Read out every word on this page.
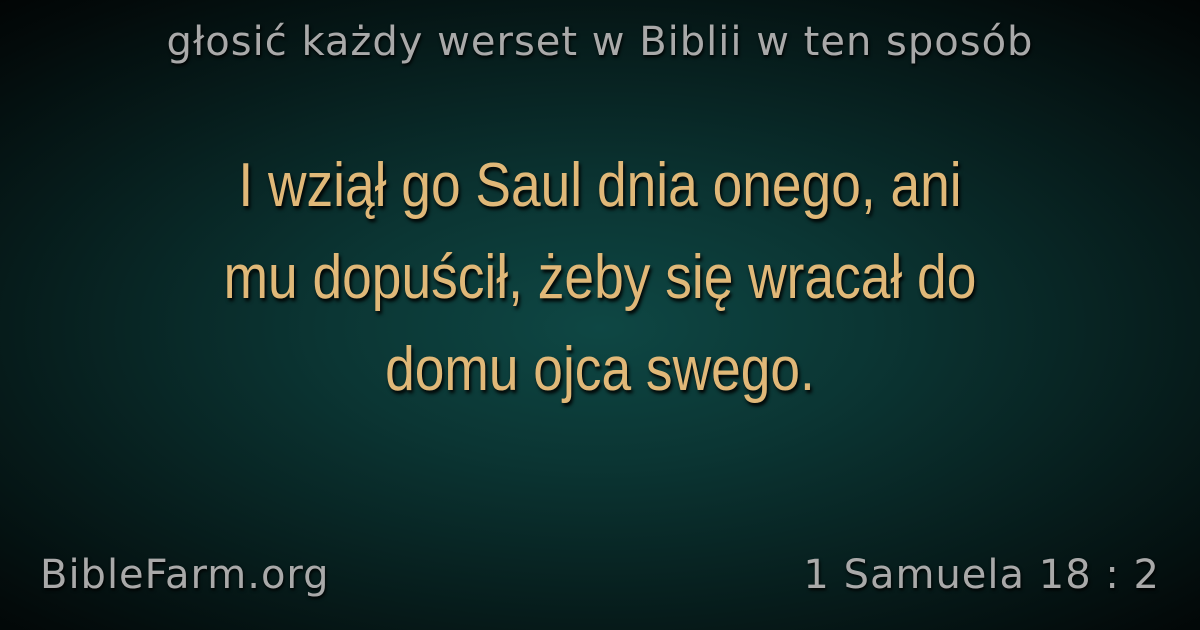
głosić każdy werset w Biblii w ten sposób
I wziął go Saul dnia onego, ani
mu dopuścił, żeby się wracał do
domu ojca swego.
BibleFarm.org	1 Samuela 18 : 2
